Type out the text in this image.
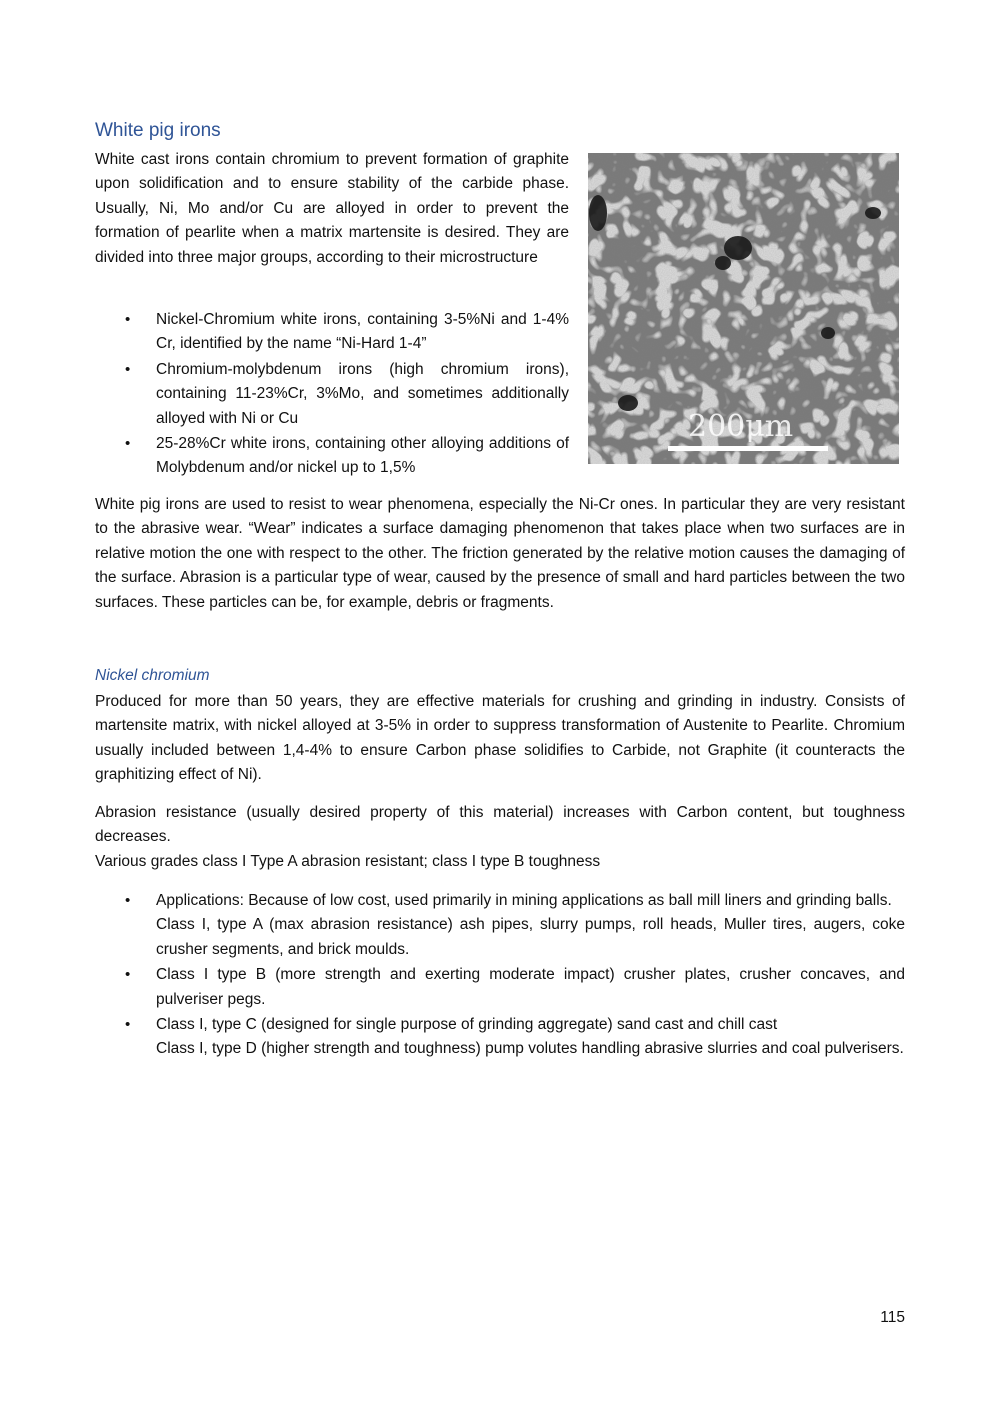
White pig irons

White cast irons contain chromium to prevent formation of graphite upon solidification and to ensure stability of the carbide phase. Usually, Ni, Mo and/or Cu are alloyed in order to prevent the formation of pearlite when a matrix martensite is desired. They are divided into three major groups, according to their microstructure

• Nickel-Chromium white irons, containing 3-5%Ni and 1-4% Cr, identified by the name “Ni-Hard 1-4”
• Chromium-molybdenum irons (high chromium irons), containing 11-23%Cr, 3%Mo, and sometimes additionally alloyed with Ni or Cu
• 25-28%Cr white irons, containing other alloying additions of Molybdenum and/or nickel up to 1,5%
200μm

White pig irons are used to resist to wear phenomena, especially the Ni-Cr ones. In particular they are very resistant to the abrasive wear. “Wear” indicates a surface damaging phenomenon that takes place when two surfaces are in relative motion the one with respect to the other. The friction generated by the relative motion causes the damaging of the surface. Abrasion is a particular type of wear, caused by the presence of small and hard particles between the two surfaces. These particles can be, for example, debris or fragments.

Nickel chromium

Produced for more than 50 years, they are effective materials for crushing and grinding in industry. Consists of martensite matrix, with nickel alloyed at 3-5% in order to suppress transformation of Austenite to Pearlite. Chromium usually included between 1,4-4% to ensure Carbon phase solidifies to Carbide, not Graphite (it counteracts the graphitizing effect of Ni).

Abrasion resistance (usually desired property of this material) increases with Carbon content, but toughness decreases.
Various grades class I Type A abrasion resistant; class I type B toughness

• Applications: Because of low cost, used primarily in mining applications as ball mill liners and grinding balls.
Class I, type A (max abrasion resistance) ash pipes, slurry pumps, roll heads, Muller tires, augers, coke crusher segments, and brick moulds.
• Class I type B (more strength and exerting moderate impact) crusher plates, crusher concaves, and pulveriser pegs.
• Class I, type C (designed for single purpose of grinding aggregate) sand cast and chill cast
Class I, type D (higher strength and toughness) pump volutes handling abrasive slurries and coal pulverisers.
115
